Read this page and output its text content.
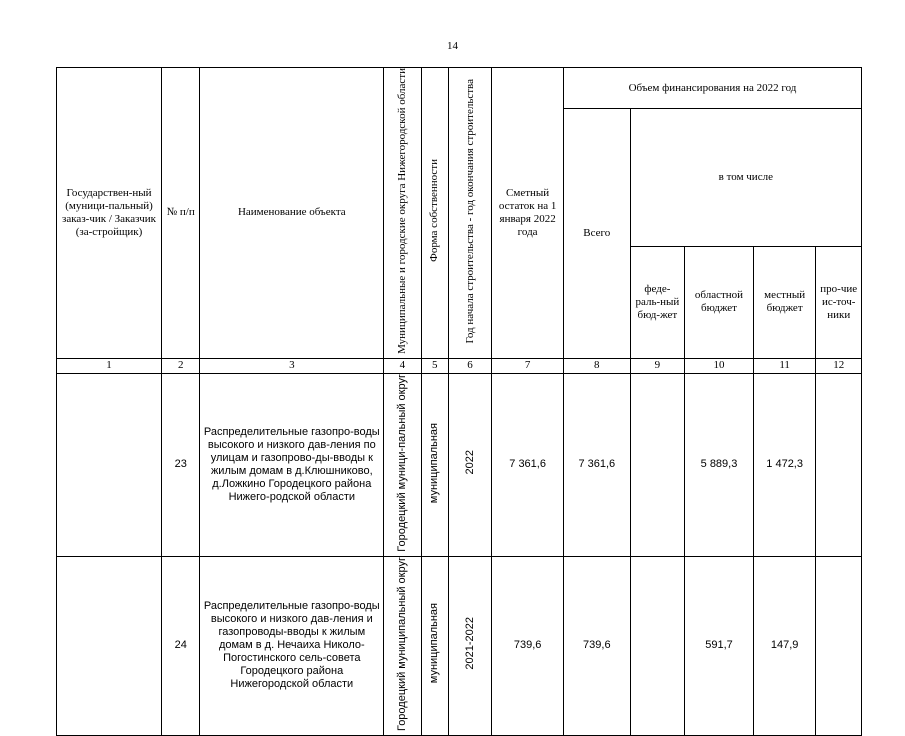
14
Государствен-ный (муници-пальный) заказ-чик / Заказчик (за-стройщик)	№ п/п	Наименование объекта	Муниципальные и городские округа Нижегородской области	Форма собственности	Год начала строительства - год окончания строительства	Сметный остаток на 1 января 2022 года	Объем финансирования на 2022 год				
							Всего	в том числе			

								феде-раль-ный бюд-жет	областной бюджет	местный бюджет	про-чие ис-точ-ники

1	2	3	4	5	6	7	8	9	10	11	12
	23	Распределительные газопро-воды высокого и низкого дав-ления по улицам и газопрово-ды-вводы к жилым домам в д.Клюшниково, д.Ложкино Городецкого района Нижего-родской области	Городецкий муници-пальный округ	муниципальная	2022	7 361,6	7 361,6		5 889,3	1 472,3	
	24	Распределительные газопро-воды высокого и низкого дав-ления и газопроводы-вводы к жилым домам в д. Нечаиха Николо-Погостинского сель-совета Городецкого района Нижегородской области	Городецкий муниципальный округ	муниципальная	2021-2022	739,6	739,6		591,7	147,9	
